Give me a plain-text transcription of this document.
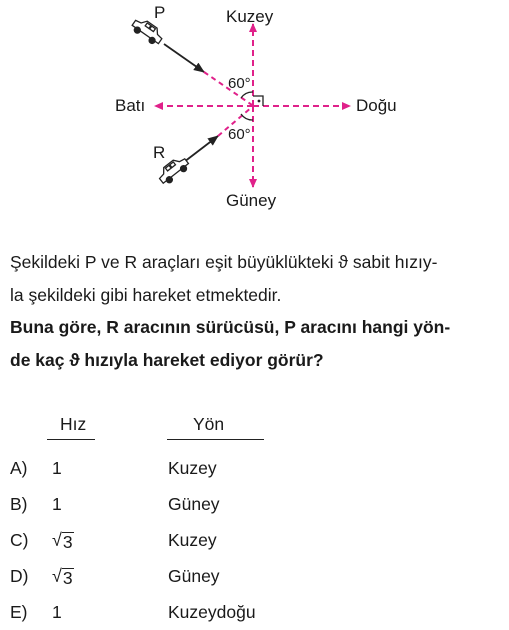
Kuzey
Güney
Batı	Doğu
P
R
60°
60°
Şekildeki P ve R araçları eşit büyüklükteki ϑ sabit hızıy-
la şekildeki gibi hareket etmektedir.
Buna göre, R aracının sürücüsü, P aracını hangi yön-
de kaç ϑ hızıyla hareket ediyor görür?
Hız	Yön
A) 1	Kuzey
B) 1	Güney
C) √ 3	Kuzey
D) √ 3	Güney
E) 1	Kuzeydoğu
